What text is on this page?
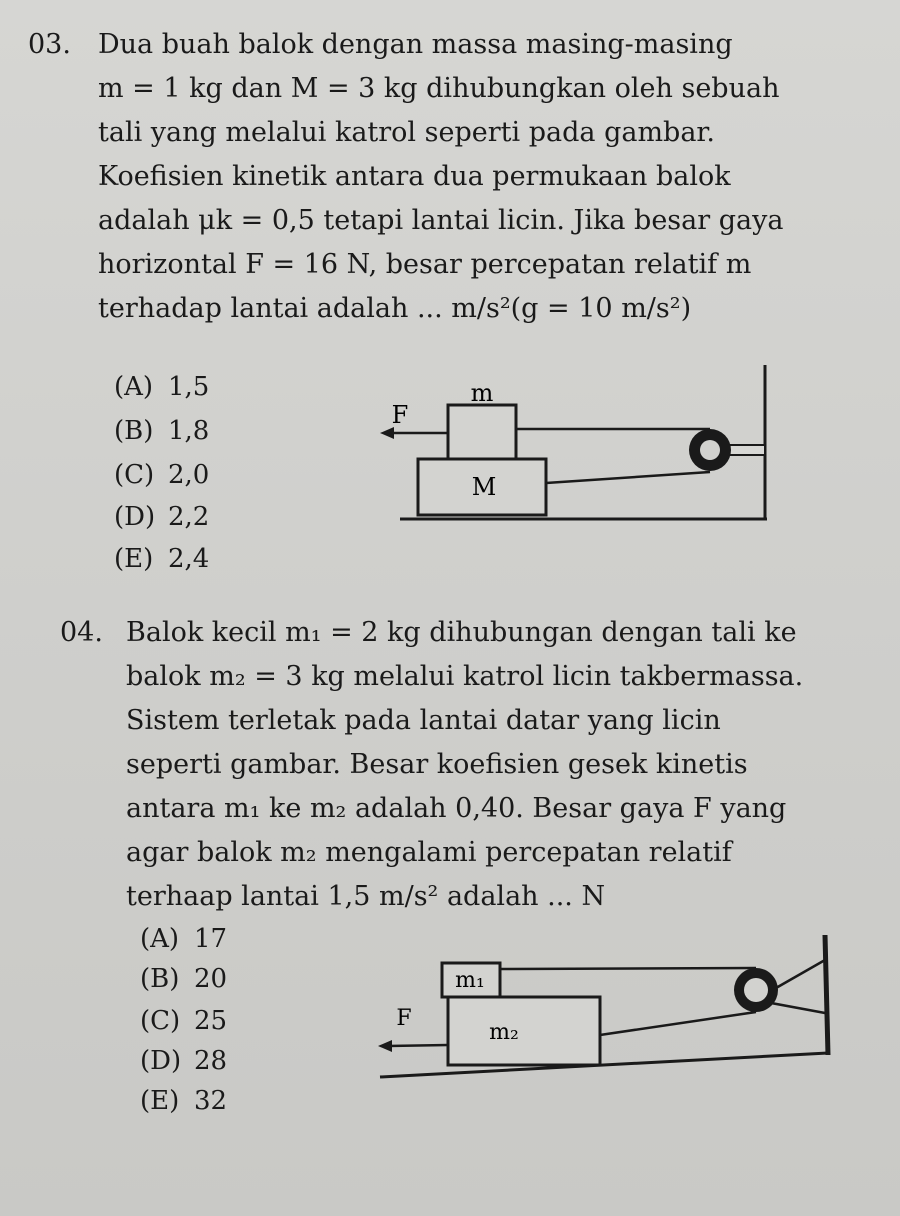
03. Dua buah balok dengan massa masing-masing
m = 1 kg dan M = 3 kg dihubungkan oleh sebuah
tali yang melalui katrol seperti pada gambar.
Koefisien kinetik antara dua permukaan balok
adalah μk = 0,5 tetapi lantai licin. Jika besar gaya
horizontal F = 16 N, besar percepatan relatif m
terhadap lantai adalah ... m/s²(g = 10 m/s²)
(A) 1,5
(B) 1,8
(C) 2,0
(D) 2,2
(E) 2,4
M
m
F
04. Balok kecil m₁ = 2 kg dihubungan dengan tali ke
balok m₂ = 3 kg melalui katrol licin takbermassa.
Sistem terletak pada lantai datar yang licin
seperti gambar. Besar koefisien gesek kinetis
antara m₁ ke m₂ adalah 0,40. Besar gaya F yang
agar balok m₂ mengalami percepatan relatif
terhaap lantai 1,5 m/s² adalah ... N
(A) 17
(B) 20
(C) 25
(D) 28
(E) 32
m₂
m₁
F
